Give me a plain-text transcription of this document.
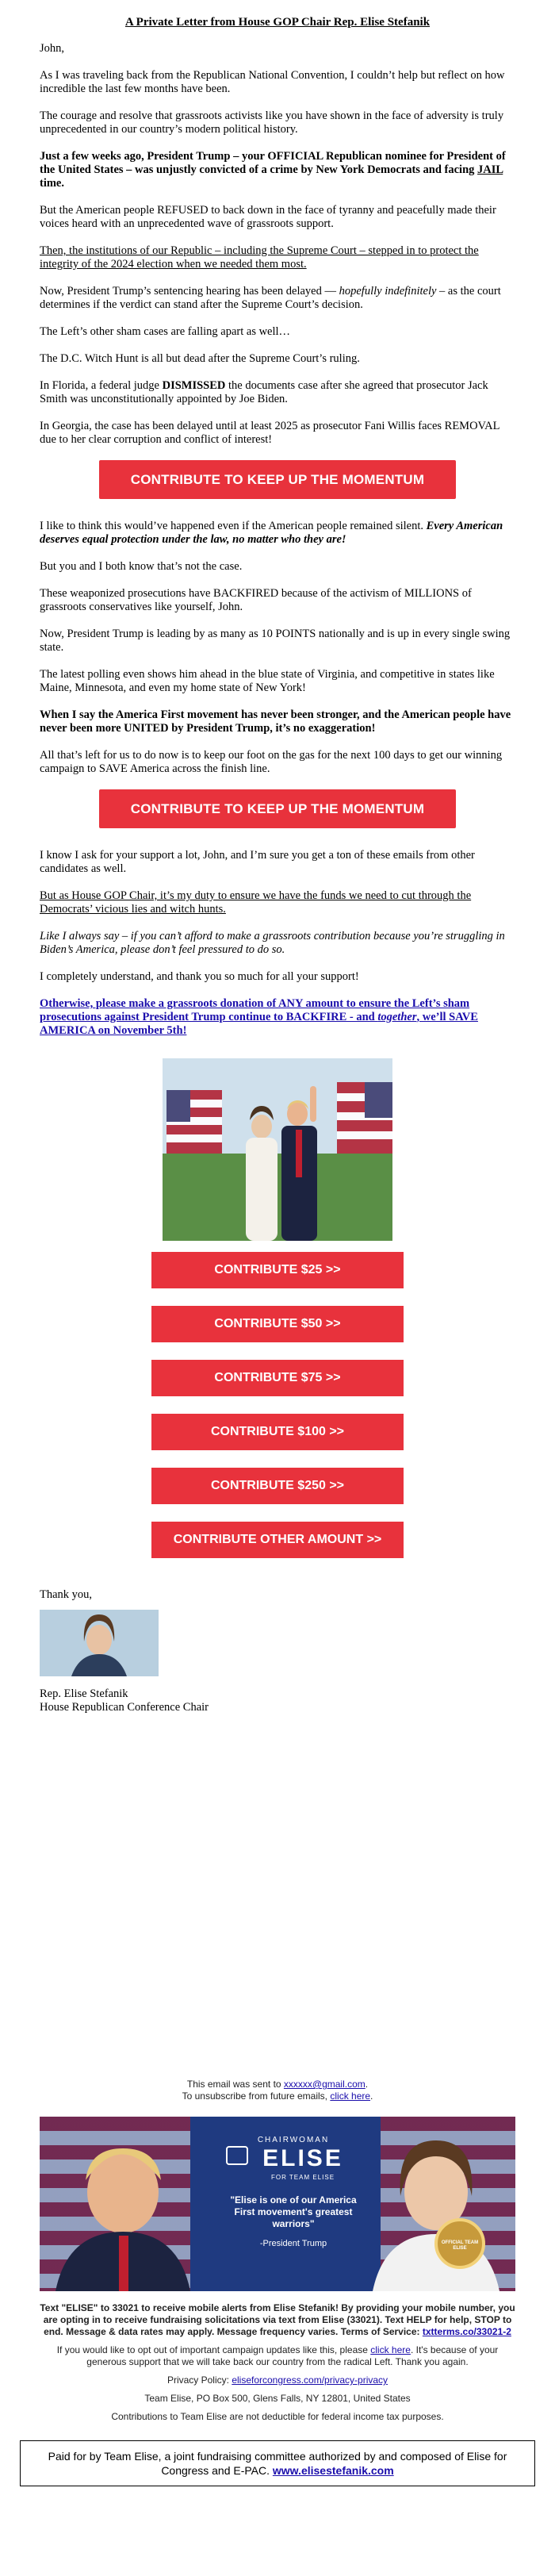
A Private Letter from House GOP Chair Rep. Elise Stefanik
John,
As I was traveling back from the Republican National Convention, I couldn’t help but reflect on how incredible the last few months have been.
The courage and resolve that grassroots activists like you have shown in the face of adversity is truly unprecedented in our country’s modern political history.
Just a few weeks ago, President Trump – your OFFICIAL Republican nominee for President of the United States – was unjustly convicted of a crime by New York Democrats and facing JAIL time.
But the American people REFUSED to back down in the face of tyranny and peacefully made their voices heard with an unprecedented wave of grassroots support.
Then, the institutions of our Republic – including the Supreme Court – stepped in to protect the integrity of the 2024 election when we needed them most.
Now, President Trump’s sentencing hearing has been delayed — hopefully indefinitely – as the court determines if the verdict can stand after the Supreme Court’s decision.
The Left’s other sham cases are falling apart as well…
The D.C. Witch Hunt is all but dead after the Supreme Court’s ruling.
In Florida, a federal judge DISMISSED the documents case after she agreed that prosecutor Jack Smith was unconstitutionally appointed by Joe Biden.
In Georgia, the case has been delayed until at least 2025 as prosecutor Fani Willis faces REMOVAL due to her clear corruption and conflict of interest!
CONTRIBUTE TO KEEP UP THE MOMENTUM
I like to think this would’ve happened even if the American people remained silent. Every American deserves equal protection under the law, no matter who they are!
But you and I both know that’s not the case.
These weaponized prosecutions have BACKFIRED because of the activism of MILLIONS of grassroots conservatives like yourself, John.
Now, President Trump is leading by as many as 10 POINTS nationally and is up in every single swing state.
The latest polling even shows him ahead in the blue state of Virginia, and competitive in states like Maine, Minnesota, and even my home state of New York!
When I say the America First movement has never been stronger, and the American people have never been more UNITED by President Trump, it’s no exaggeration!
All that’s left for us to do now is to keep our foot on the gas for the next 100 days to get our winning campaign to SAVE America across the finish line.
CONTRIBUTE TO KEEP UP THE MOMENTUM
I know I ask for your support a lot, John, and I’m sure you get a ton of these emails from other candidates as well.
But as House GOP Chair, it’s my duty to ensure we have the funds we need to cut through the Democrats’ vicious lies and witch hunts.
Like I always say – if you can’t afford to make a grassroots contribution because you’re struggling in Biden’s America, please don’t feel pressured to do so.
I completely understand, and thank you so much for all your support!
Otherwise, please make a grassroots donation of ANY amount to ensure the Left’s sham prosecutions against President Trump continue to BACKFIRE - and together, we’ll SAVE AMERICA on November 5th!
CONTRIBUTE $25 >>
CONTRIBUTE $50 >>
CONTRIBUTE $75 >>
CONTRIBUTE $100 >>
CONTRIBUTE $250 >>
CONTRIBUTE OTHER AMOUNT >>
Thank you,
Rep. Elise Stefanik
House Republican Conference Chair
This email was sent to xxxxxx@gmail.com.
To unsubscribe from future emails, click here.
CHAIRWOMAN
ELISE
FOR TEAM ELISE
"Elise is one of our America First movement's greatest warriors"
-President Trump	OFFICIAL TEAM ELISE
Text "ELISE" to 33021 to receive mobile alerts from Elise Stefanik! By providing your mobile number, you are opting in to receive fundraising solicitations via text from Elise (33021). Text HELP for help, STOP to end. Message & data rates may apply. Message frequency varies. Terms of Service: txtterms.co/33021-2
If you would like to opt out of important campaign updates like this, please click here. It's because of your generous support that we will take back our country from the radical Left. Thank you again.
Privacy Policy: eliseforcongress.com/privacy-privacy
Team Elise, PO Box 500, Glens Falls, NY 12801, United States
Contributions to Team Elise are not deductible for federal income tax purposes.
Paid for by Team Elise, a joint fundraising committee authorized by and composed of Elise for Congress and E-PAC. www.elisestefanik.com
